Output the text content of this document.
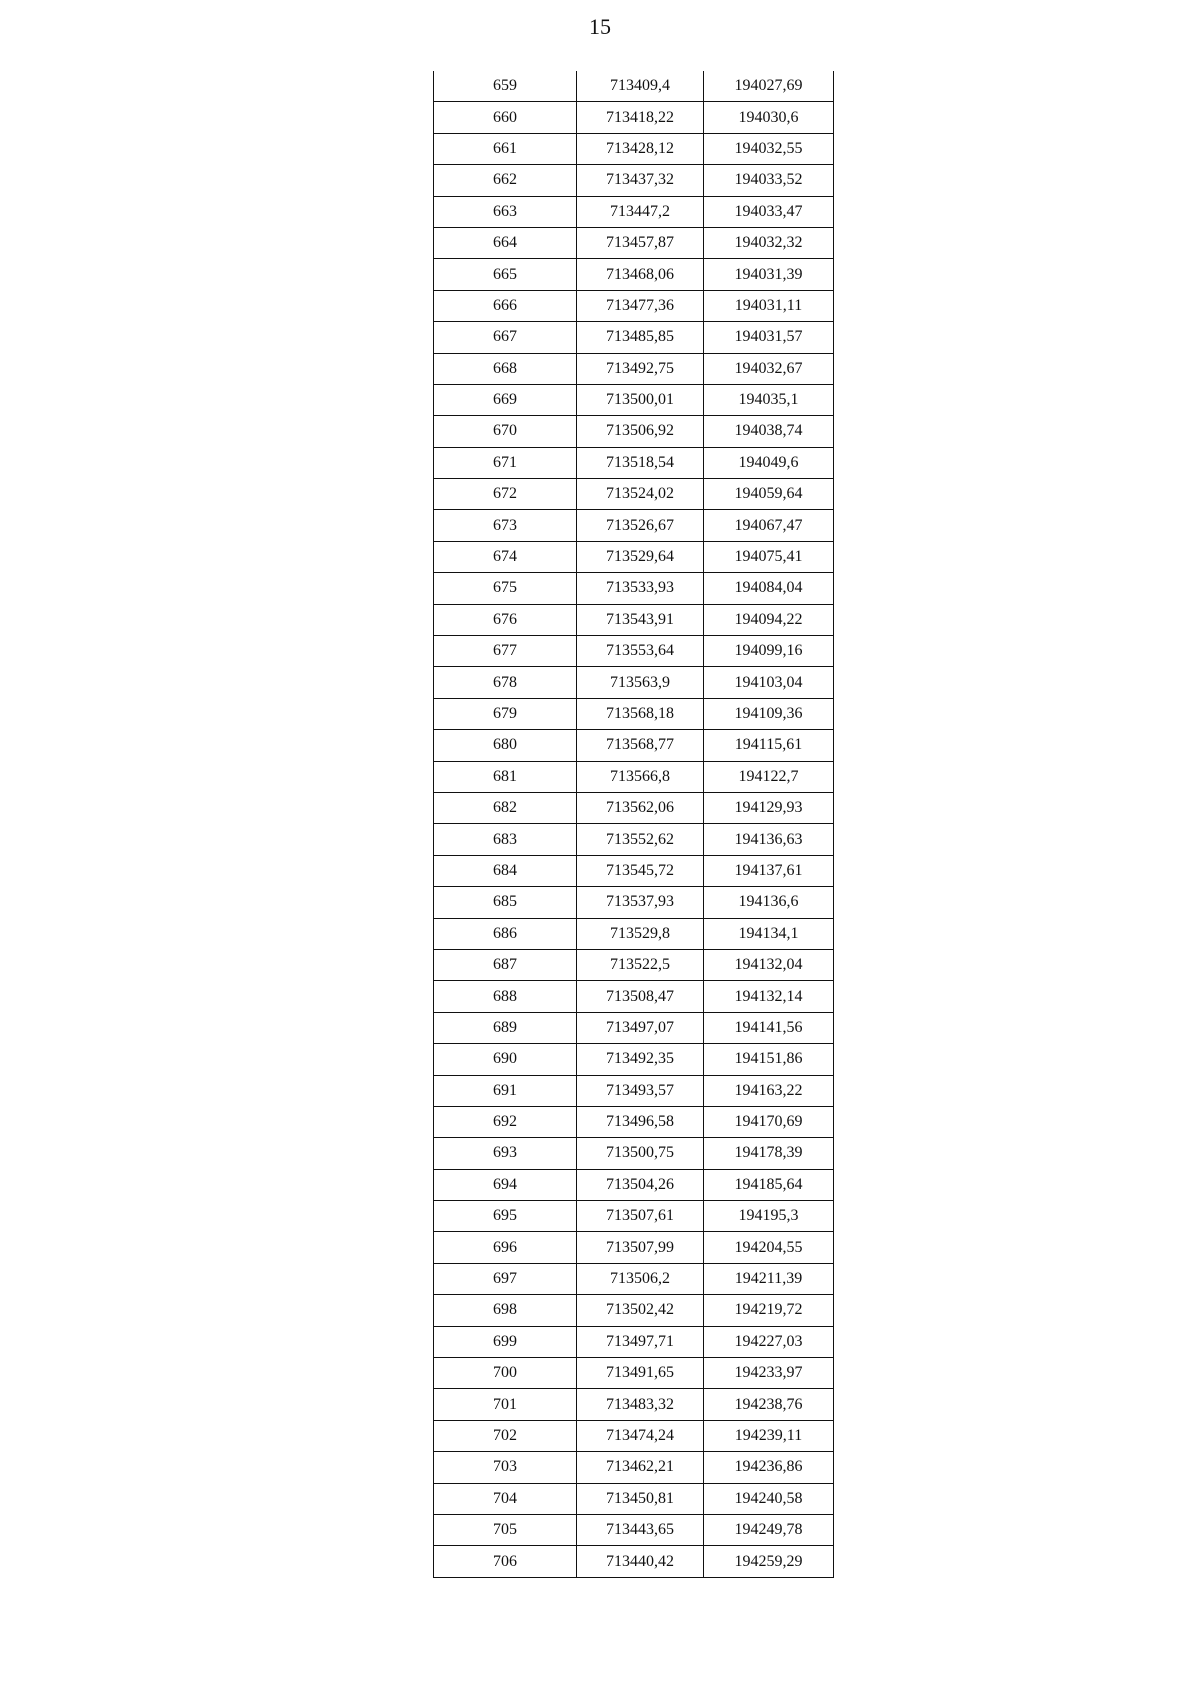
15
659	713409,4	194027,69
660	713418,22	194030,6
661	713428,12	194032,55
662	713437,32	194033,52
663	713447,2	194033,47
664	713457,87	194032,32
665	713468,06	194031,39
666	713477,36	194031,11
667	713485,85	194031,57
668	713492,75	194032,67
669	713500,01	194035,1
670	713506,92	194038,74
671	713518,54	194049,6
672	713524,02	194059,64
673	713526,67	194067,47
674	713529,64	194075,41
675	713533,93	194084,04
676	713543,91	194094,22
677	713553,64	194099,16
678	713563,9	194103,04
679	713568,18	194109,36
680	713568,77	194115,61
681	713566,8	194122,7
682	713562,06	194129,93
683	713552,62	194136,63
684	713545,72	194137,61
685	713537,93	194136,6
686	713529,8	194134,1
687	713522,5	194132,04
688	713508,47	194132,14
689	713497,07	194141,56
690	713492,35	194151,86
691	713493,57	194163,22
692	713496,58	194170,69
693	713500,75	194178,39
694	713504,26	194185,64
695	713507,61	194195,3
696	713507,99	194204,55
697	713506,2	194211,39
698	713502,42	194219,72
699	713497,71	194227,03
700	713491,65	194233,97
701	713483,32	194238,76
702	713474,24	194239,11
703	713462,21	194236,86
704	713450,81	194240,58
705	713443,65	194249,78
706	713440,42	194259,29
